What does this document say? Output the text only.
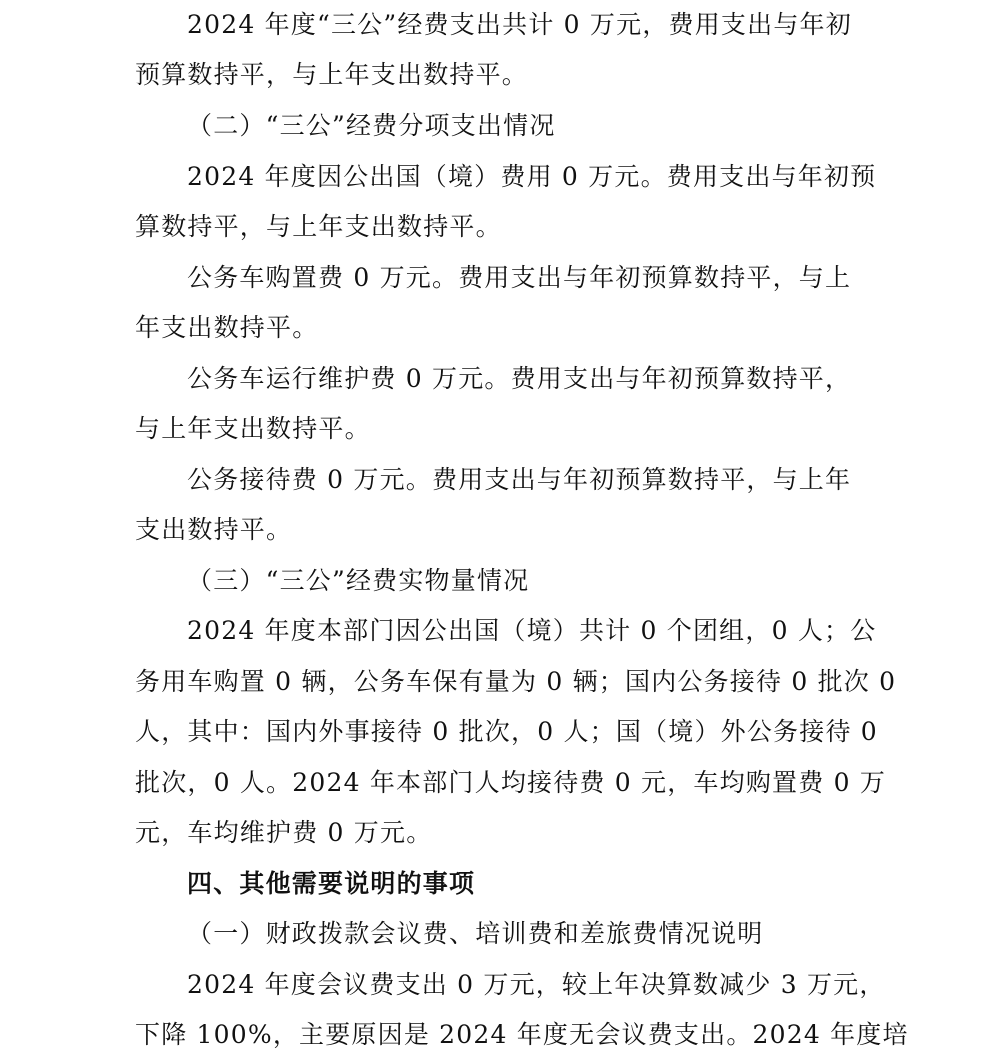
2024 年度“三公”经费支出共计 0 万元，费用支出与年初
预算数持平，与上年支出数持平。
（二）“三公”经费分项支出情况
2024 年度因公出国（境）费用 0 万元。费用支出与年初预
算数持平，与上年支出数持平。
公务车购置费 0 万元。费用支出与年初预算数持平，与上
年支出数持平。
公务车运行维护费 0 万元。费用支出与年初预算数持平，
与上年支出数持平。
公务接待费 0 万元。费用支出与年初预算数持平，与上年
支出数持平。
（三）“三公”经费实物量情况
2024 年度本部门因公出国（境）共计 0 个团组，0 人；公
务用车购置 0 辆，公务车保有量为 0 辆；国内公务接待 0 批次 0
人，其中：国内外事接待 0 批次，0 人；国（境）外公务接待 0
批次，0 人。2024 年本部门人均接待费 0 元，车均购置费 0 万
元，车均维护费 0 万元。
四、其他需要说明的事项
（一）财政拨款会议费、培训费和差旅费情况说明
2024 年度会议费支出 0 万元，较上年决算数减少 3 万元，
下降 100%，主要原因是 2024 年度无会议费支出。2024 年度培
